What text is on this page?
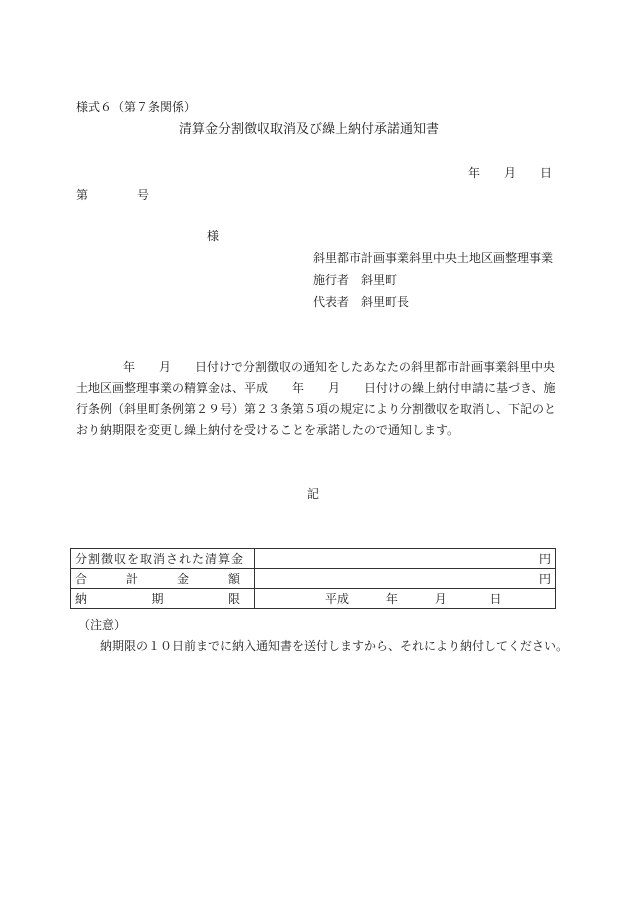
様式６（第７条関係）
清算金分割徴収取消及び繰上納付承諾通知書
年 月 日
第	号
様
斜里都市計画事業斜里中央土地区画整理事業
施行者　斜里町
代表者　斜里町長
年　　月　　日付けで分割徴収の通知をしたあなたの斜里都市計画事業斜里中央
土地区画整理事業の精算金は、平成　　年　　月　　日付けの繰上納付申請に基づき、施
行条例（斜里町条例第２９号）第２３条第５項の規定により分割徴収を取消し、下記のと
おり納期限を変更し繰上納付を受けることを承諾したので通知します。
記
分割徴収を取消された清算金	円

合 計 金 額	円

納 期 限	平成 年 月 日
（注意）
納期限の１０日前までに納入通知書を送付しますから、それにより納付してください。
